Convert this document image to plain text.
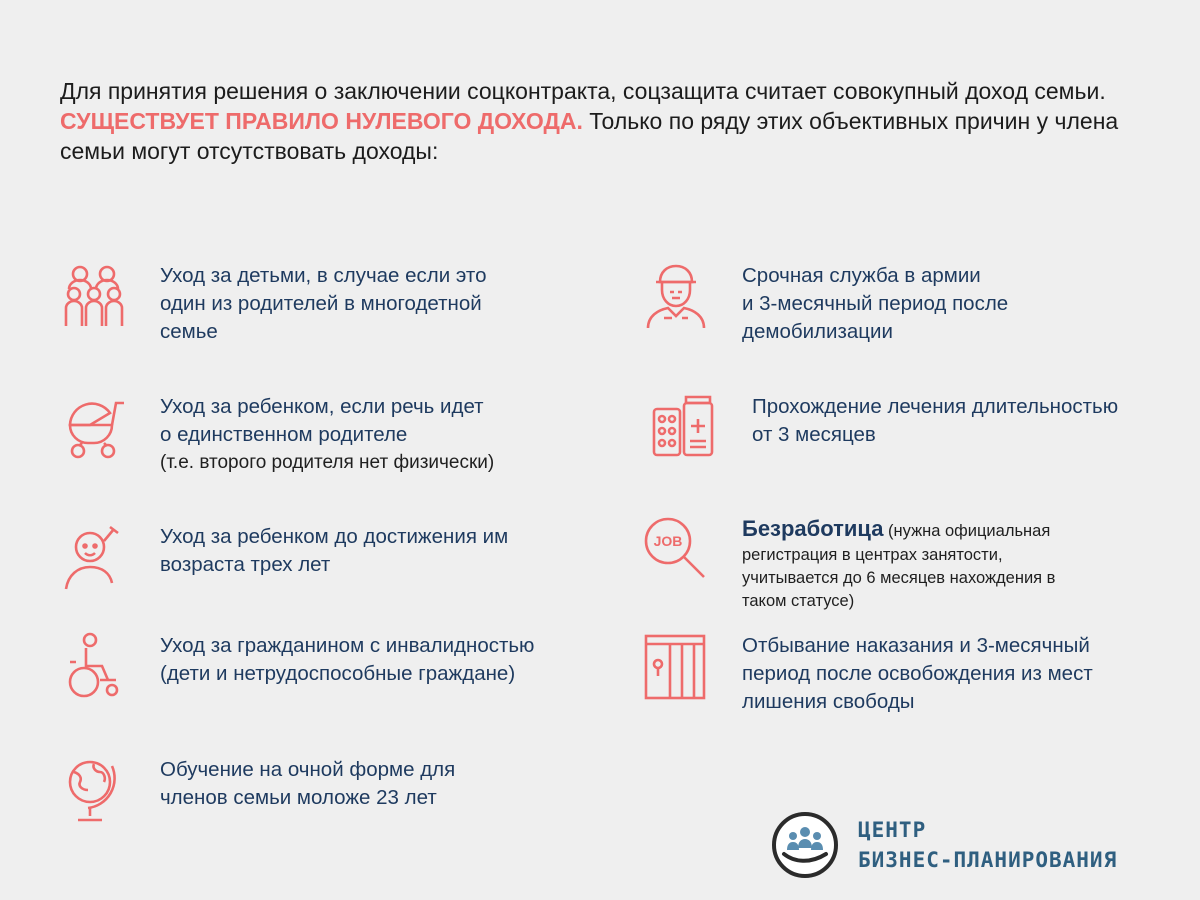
Для принятия решения о заключении соцконтракта, соцзащита считает совокупный доход семьи. СУЩЕСТВУЕТ ПРАВИЛО НУЛЕВОГО ДОХОДА. Только по ряду этих объективных причин у члена семьи могут отсутствовать доходы:
Уход за детьми, в случае если это
один из родителей в многодетной
семье
Уход за ребенком, если речь идет
о единственном родителе
(т.е. второго родителя нет физически)
Уход за ребенком до достижения им
возраста трех лет
Уход за гражданином с инвалидностью
(дети и нетрудоспособные граждане)
Обучение на очной форме для
членов семьи моложе 23 лет
Срочная служба в армии
и 3-месячный период после
демобилизации
Прохождение лечения длительностью
от 3 месяцев
JOB	Безработица (нужна официальная
регистрация в центрах занятости,
учитывается до 6 месяцев нахождения в
таком статусе)
Отбывание наказания и 3-месячный
период после освобождения из мест
лишения свободы
ЦЕНТР
БИЗНЕС-ПЛАНИРОВАНИЯ
